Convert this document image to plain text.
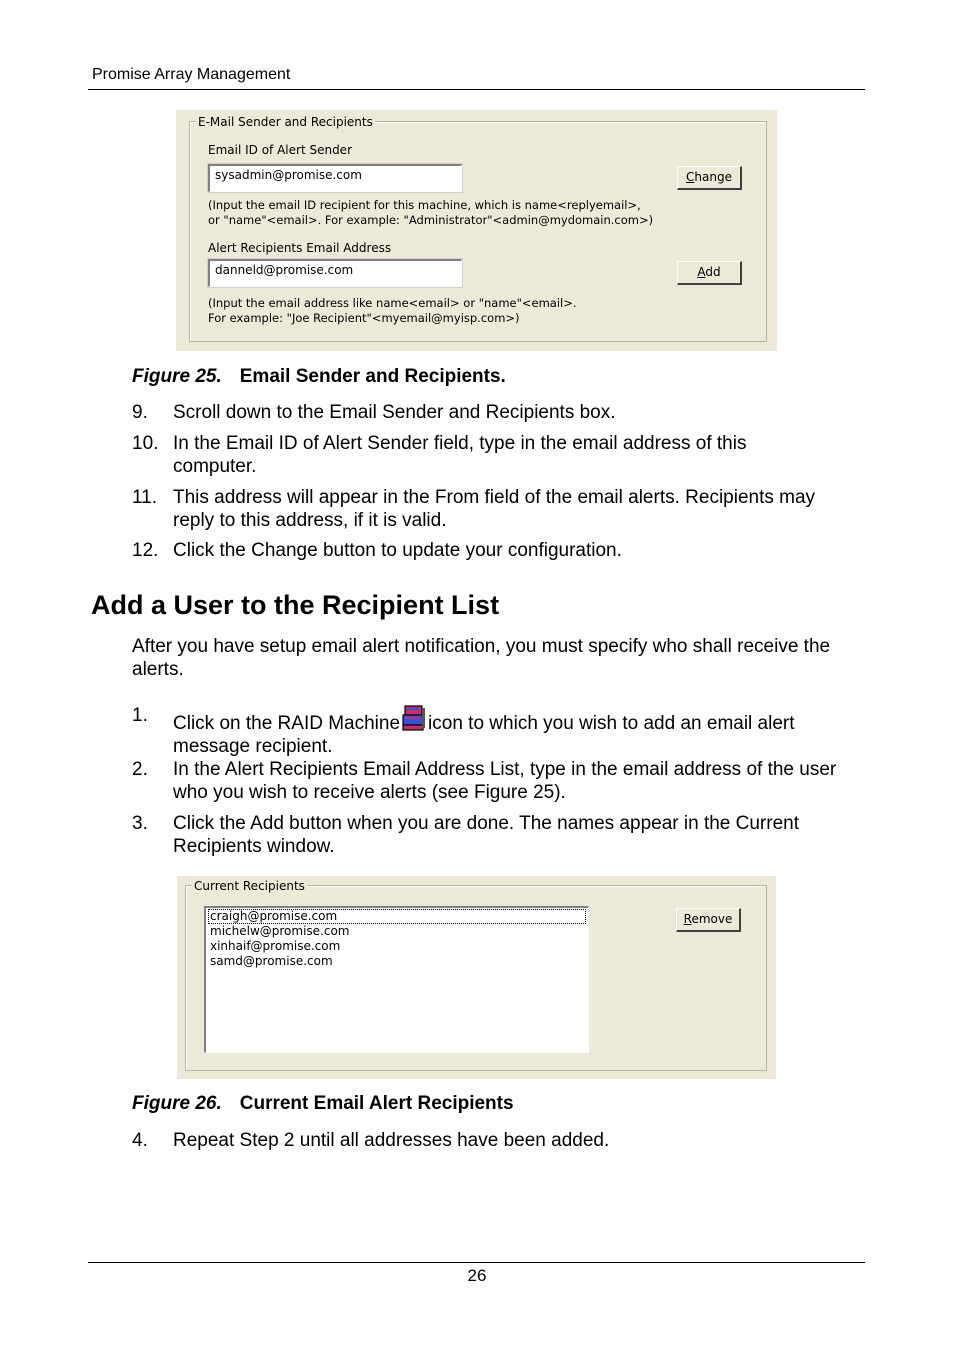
Promise Array Management
E-Mail Sender and Recipients
Email ID of Alert Sender
sysadmin@promise.com	Change
(Input the email ID recipient for this machine, which is name<replyemail>,
or "name"<email>. For example: "Administrator"<admin@mydomain.com>)
Alert Recipients Email Address
danneld@promise.com	Add
(Input the email address like name<email> or "name"<email>.
For example: "Joe Recipient"<myemail@myisp.com>)
Figure 25. Email Sender and Recipients.
9. Scroll down to the Email Sender and Recipients box.
10. In the Email ID of Alert Sender field, type in the email address of this computer.
11. This address will appear in the From field of the email alerts. Recipients may reply to this address, if it is valid.
12. Click the Change button to update your configuration.
Add a User to the Recipient List
After you have setup email alert notification, you must specify who shall receive the alerts.
1. Click on the RAID Machine icon to which you wish to add an email alert message recipient.
2. In the Alert Recipients Email Address List, type in the email address of the user who you wish to receive alerts (see Figure 25).
3. Click the Add button when you are done. The names appear in the Current Recipients window.
Current Recipients
craigh@promise.com
michelw@promise.com
xinhaif@promise.com
samd@promise.com
Remove
Figure 26. Current Email Alert Recipients
4. Repeat Step 2 until all addresses have been added.
26
